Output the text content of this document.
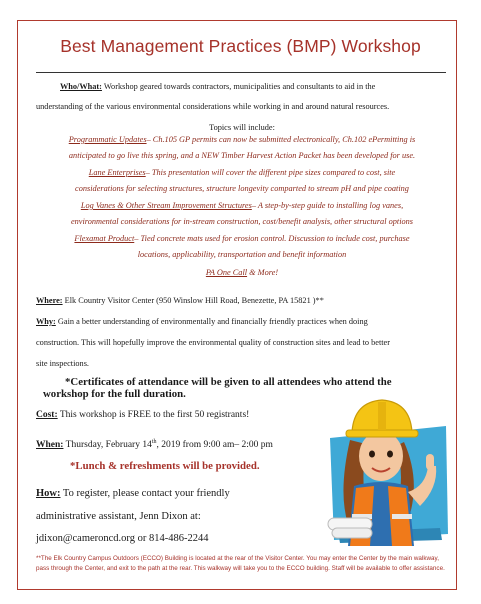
Best Management Practices (BMP) Workshop
Who/What: Workshop geared towards contractors, municipalities and consultants to aid in the
understanding of the various environmental considerations while working in and around natural resources.
Topics will include:
Programmatic Updates– Ch.105 GP permits can now be submitted electronically, Ch.102 ePermitting is
anticipated to go live this spring, and a NEW Timber Harvest Action Packet has been developed for use.
Lane Enterprises– This presentation will cover the different pipe sizes compared to cost, site
considerations for selecting structures, structure longevity comparted to stream pH and pipe coating
Log Vanes & Other Stream Improvement Structures– A step-by-step guide to installing log vanes,
environmental considerations for in-stream construction, cost/benefit analysis, other structural options
Flexamat Product– Tied concrete mats used for erosion control. Discussion to include cost, purchase
locations, applicability, transportation and benefit information
PA One Call & More!
Where: Elk Country Visitor Center (950 Winslow Hill Road, Benezette, PA 15821 )**
Why: Gain a better understanding of environmentally and financially friendly practices when doing
construction. This will hopefully improve the environmental quality of construction sites and lead to better
site inspections.
*Certificates of attendance will be given to all attendees who attend the
workshop for the full duration.
Cost: This workshop is FREE to the first 50 registrants!
When: Thursday, February 14th, 2019 from 9:00 am– 2:00 pm
*Lunch & refreshments will be provided.
How: To register, please contact your friendly
administrative assistant, Jenn Dixon at:
jdixon@cameroncd.org or 814-486-2244
**The Elk Country Campus Outdoors (ECCO) Building is located at the rear of the Visitor Center. You may enter the Center by the main walkway, pass through the Center, and exit to the path at the rear. This walkway will take you to the ECCO building. Staff will be available to offer assistance.
